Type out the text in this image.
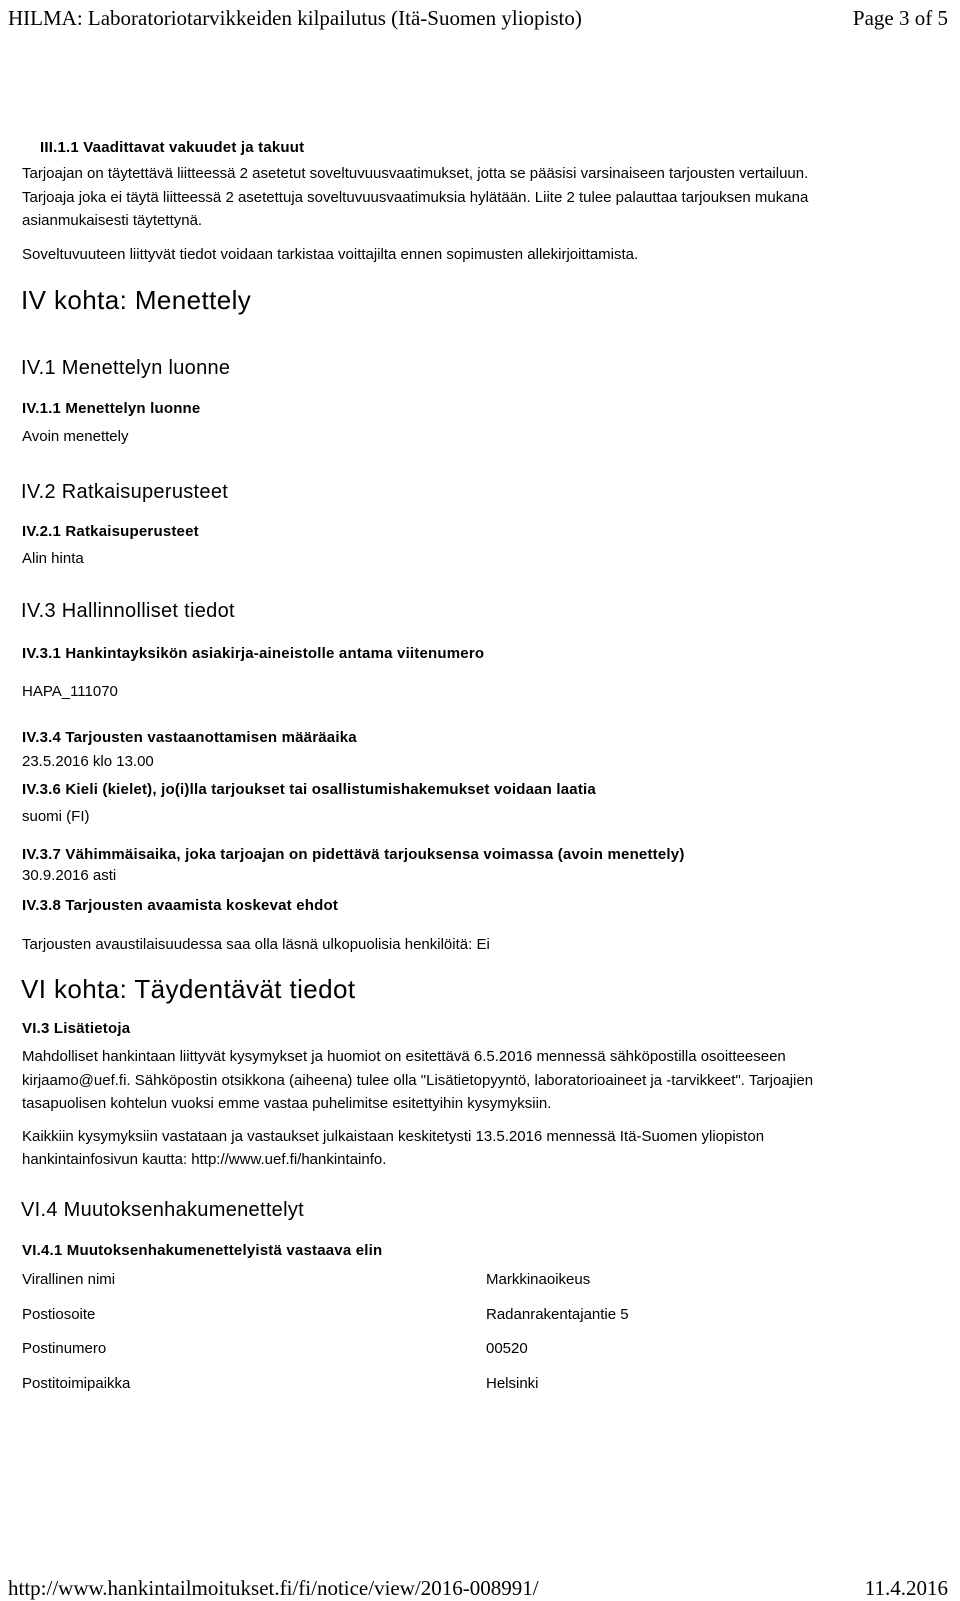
HILMA: Laboratoriotarvikkeiden kilpailutus (Itä-Suomen yliopisto)	Page 3 of 5
III.1.1 Vaadittavat vakuudet ja takuut
Tarjoajan on täytettävä liitteessä 2 asetetut soveltuvuusvaatimukset, jotta se pääsisi varsinaiseen tarjousten vertailuun.
Tarjoaja joka ei täytä liitteessä 2 asetettuja soveltuvuusvaatimuksia hylätään. Liite 2 tulee palauttaa tarjouksen mukana
asianmukaisesti täytettynä.
Soveltuvuuteen liittyvät tiedot voidaan tarkistaa voittajilta ennen sopimusten allekirjoittamista.
IV kohta: Menettely
IV.1 Menettelyn luonne
IV.1.1 Menettelyn luonne
Avoin menettely
IV.2 Ratkaisuperusteet
IV.2.1 Ratkaisuperusteet
Alin hinta
IV.3 Hallinnolliset tiedot
IV.3.1 Hankintayksikön asiakirja-aineistolle antama viitenumero
HAPA_111070
IV.3.4 Tarjousten vastaanottamisen määräaika
23.5.2016 klo 13.00
IV.3.6 Kieli (kielet), jo(i)lla tarjoukset tai osallistumishakemukset voidaan laatia
suomi (FI)
IV.3.7 Vähimmäisaika, joka tarjoajan on pidettävä tarjouksensa voimassa (avoin menettely)
30.9.2016 asti
IV.3.8 Tarjousten avaamista koskevat ehdot
Tarjousten avaustilaisuudessa saa olla läsnä ulkopuolisia henkilöitä: Ei
VI kohta: Täydentävät tiedot
VI.3 Lisätietoja
Mahdolliset hankintaan liittyvät kysymykset ja huomiot on esitettävä 6.5.2016 mennessä sähköpostilla osoitteeseen
kirjaamo@uef.fi. Sähköpostin otsikkona (aiheena) tulee olla "Lisätietopyyntö, laboratorioaineet ja -tarvikkeet". Tarjoajien
tasapuolisen kohtelun vuoksi emme vastaa puhelimitse esitettyihin kysymyksiin.
Kaikkiin kysymyksiin vastataan ja vastaukset julkaistaan keskitetysti 13.5.2016 mennessä Itä-Suomen yliopiston
hankintainfosivun kautta: http://www.uef.fi/hankintainfo.
VI.4 Muutoksenhakumenettelyt
VI.4.1 Muutoksenhakumenettelyistä vastaava elin
Virallinen nimi	Markkinaoikeus
Postiosoite	Radanrakentajantie 5
Postinumero	00520
Postitoimipaikka	Helsinki
http://www.hankintailmoitukset.fi/fi/notice/view/2016-008991/	11.4.2016
